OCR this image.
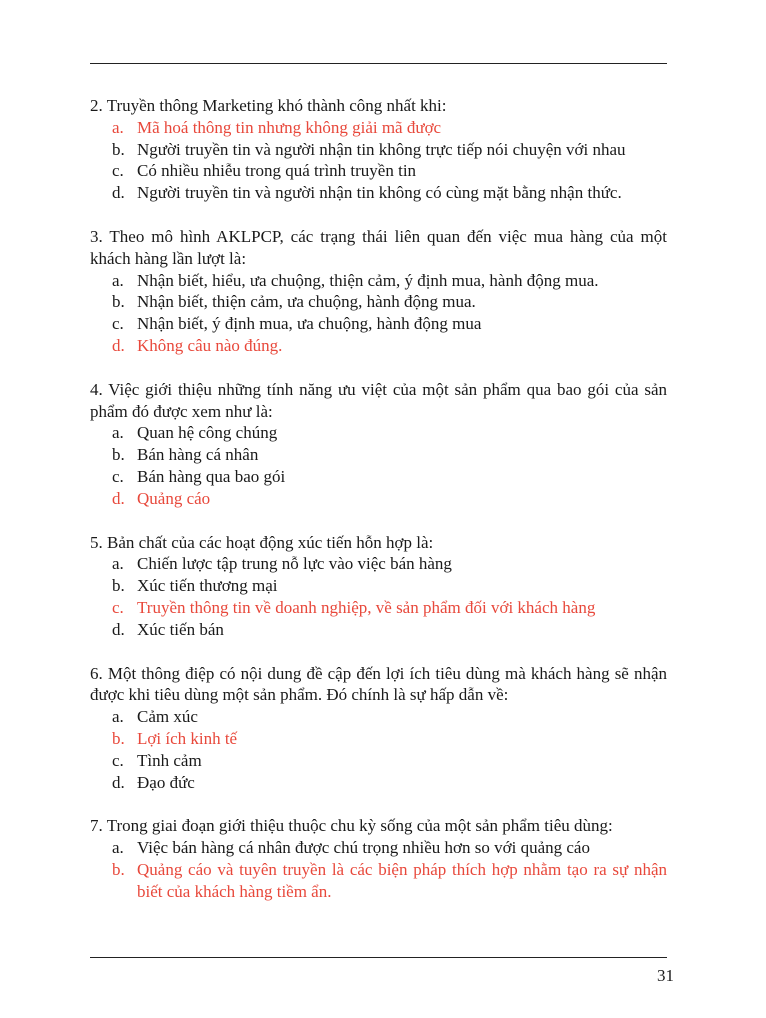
2. Truyền thông Marketing khó thành công nhất khi:
a. Mã hoá thông tin nhưng không giải mã được
b. Người truyền tin và người nhận tin không trực tiếp nói chuyện với nhau
c. Có nhiều nhiễu trong quá trình truyền tin
d. Người truyền tin và người nhận tin không có cùng mặt bằng nhận thức.
3. Theo mô hình AKLPCP, các trạng thái liên quan đến việc mua hàng của một khách hàng lần lượt là:
a. Nhận biết, hiểu, ưa chuộng, thiện cảm, ý định mua, hành động mua.
b. Nhận biết, thiện cảm, ưa chuộng, hành động mua.
c. Nhận biết, ý định mua, ưa chuộng, hành động mua
d. Không câu nào đúng.
4. Việc giới thiệu những tính năng ưu việt của một sản phẩm qua bao gói của sản phẩm đó được xem như là:
a. Quan hệ công chúng
b. Bán hàng cá nhân
c. Bán hàng qua bao gói
d. Quảng cáo
5. Bản chất của các hoạt động xúc tiến hỗn hợp là:
a. Chiến lược tập trung nỗ lực vào việc bán hàng
b. Xúc tiến thương mại
c. Truyền thông tin về doanh nghiệp, về sản phẩm đối với khách hàng
d. Xúc tiến bán
6. Một thông điệp có nội dung đề cập đến lợi ích tiêu dùng mà khách hàng sẽ nhận được khi tiêu dùng một sản phẩm. Đó chính là sự hấp dẫn về:
a. Cảm xúc
b. Lợi ích kinh tế
c. Tình cảm
d. Đạo đức
7. Trong giai đoạn giới thiệu thuộc chu kỳ sống của một sản phẩm tiêu dùng:
a. Việc bán hàng cá nhân được chú trọng nhiều hơn so với quảng cáo
b. Quảng cáo và tuyên truyền là các biện pháp thích hợp nhằm tạo ra sự nhận biết của khách hàng tiềm ẩn.
31
